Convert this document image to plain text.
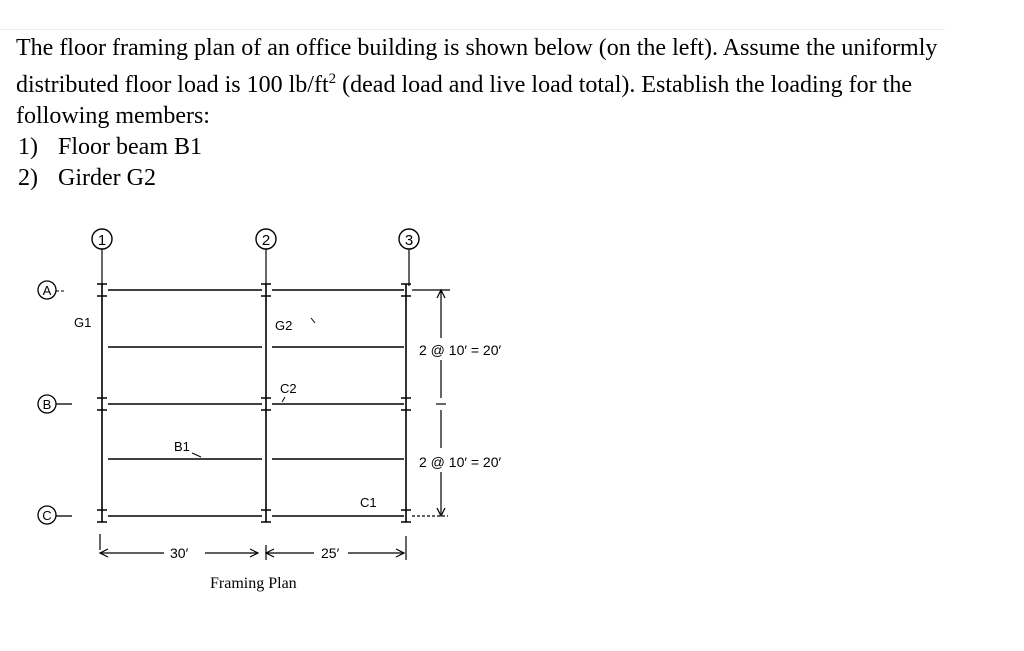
The floor framing plan of an office building is shown below (on the left). Assume the uniformly distributed floor load is 100 $lb/ft^2$ (dead load and live load total). Establish the loading for the following members:

1) Floor beam B1

2) Girder G2

1	2	3
A
B
C
G1	G2
C2
B1
C1
2 @ 10′ = 20′
2 @ 10′ = 20′
30′	25′
Framing Plan
